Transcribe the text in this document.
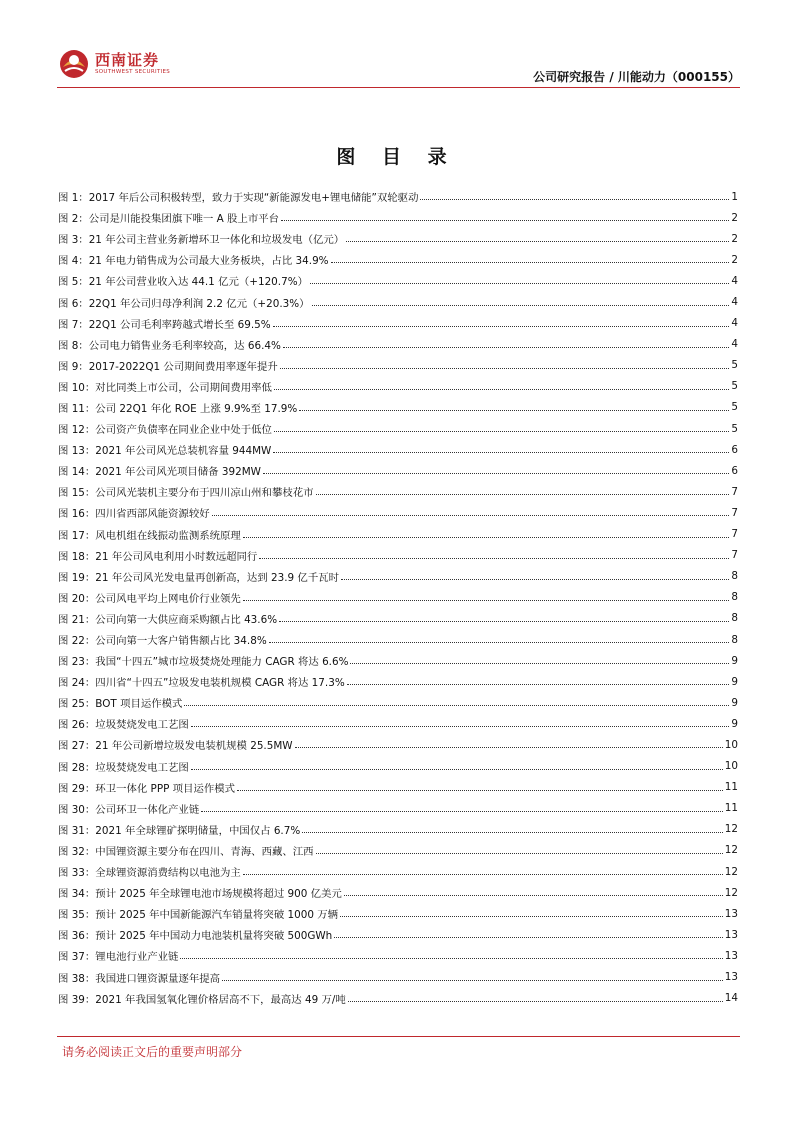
西南证券
SOUTHWEST SECURITIES	公司研究报告 / 川能动力（000155）
图 目 录
图 1：2017 年后公司积极转型，致力于实现“新能源发电+锂电储能”双轮驱动	1
图 2：公司是川能投集团旗下唯一 A 股上市平台	2
图 3：21 年公司主营业务新增环卫一体化和垃圾发电（亿元）	2
图 4：21 年电力销售成为公司最大业务板块，占比 34.9%	2
图 5：21 年公司营业收入达 44.1 亿元（+120.7%）	4
图 6：22Q1 年公司归母净利润 2.2 亿元（+20.3%）	4
图 7：22Q1 公司毛利率跨越式增长至 69.5%	4
图 8：公司电力销售业务毛利率较高，达 66.4%	4
图 9：2017-2022Q1 公司期间费用率逐年提升	5
图 10：对比同类上市公司，公司期间费用率低	5
图 11：公司 22Q1 年化 ROE 上涨 9.9%至 17.9%	5
图 12：公司资产负债率在同业企业中处于低位	5
图 13：2021 年公司风光总装机容量 944MW	6
图 14：2021 年公司风光项目储备 392MW	6
图 15：公司风光装机主要分布于四川凉山州和攀枝花市	7
图 16：四川省西部风能资源较好	7
图 17：风电机组在线振动监测系统原理	7
图 18：21 年公司风电利用小时数远超同行	7
图 19：21 年公司风光发电量再创新高，达到 23.9 亿千瓦时	8
图 20：公司风电平均上网电价行业领先	8
图 21：公司向第一大供应商采购额占比 43.6%	8
图 22：公司向第一大客户销售额占比 34.8%	8
图 23：我国“十四五”城市垃圾焚烧处理能力 CAGR 将达 6.6%	9
图 24：四川省“十四五”垃圾发电装机规模 CAGR 将达 17.3%	9
图 25：BOT 项目运作模式	9
图 26：垃圾焚烧发电工艺图	9
图 27：21 年公司新增垃圾发电装机规模 25.5MW	10
图 28：垃圾焚烧发电工艺图	10
图 29：环卫一体化 PPP 项目运作模式	11
图 30：公司环卫一体化产业链	11
图 31：2021 年全球锂矿探明储量，中国仅占 6.7%	12
图 32：中国锂资源主要分布在四川、青海、西藏、江西	12
图 33：全球锂资源消费结构以电池为主	12
图 34：预计 2025 年全球锂电池市场规模将超过 900 亿美元	12
图 35：预计 2025 年中国新能源汽车销量将突破 1000 万辆	13
图 36：预计 2025 年中国动力电池装机量将突破 500GWh	13
图 37：锂电池行业产业链	13
图 38：我国进口锂资源量逐年提高	13
图 39：2021 年我国氢氧化锂价格居高不下，最高达 49 万/吨	14
请务必阅读正文后的重要声明部分
